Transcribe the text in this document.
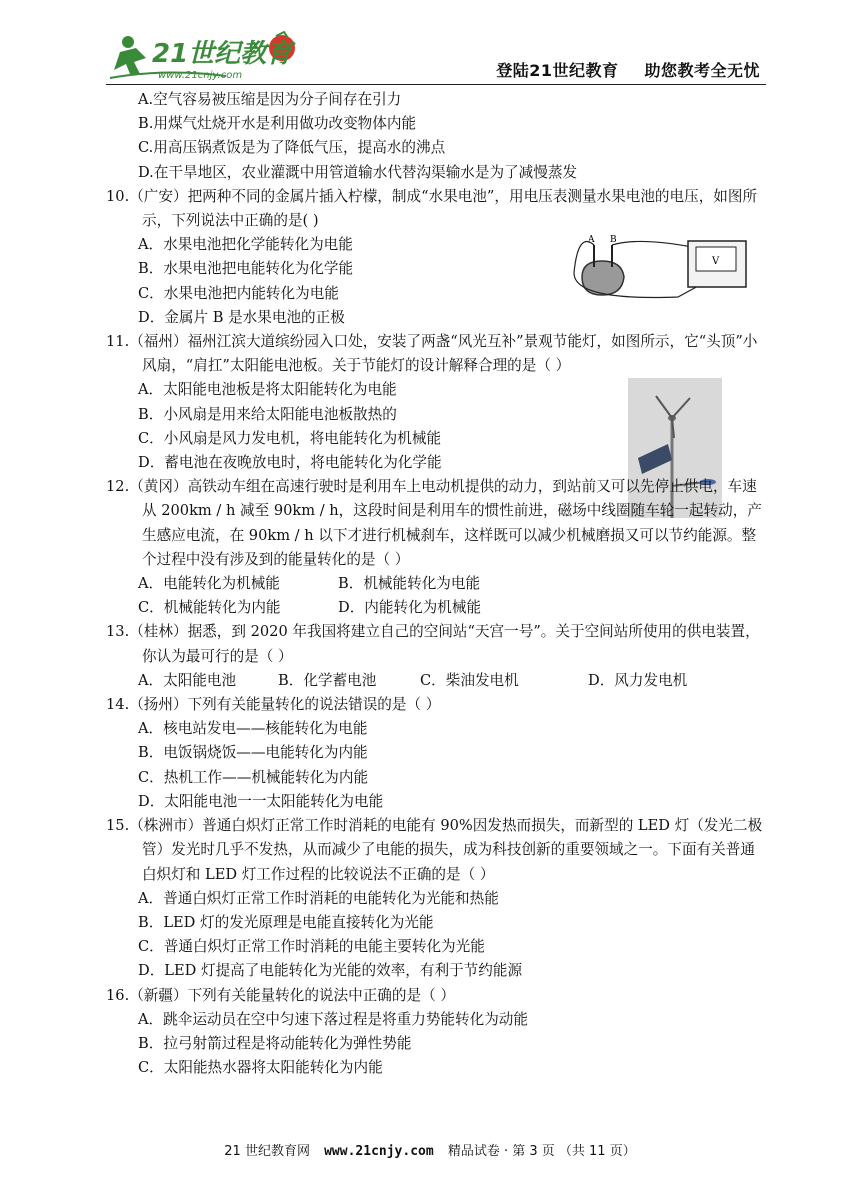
21世纪教育
www.21cnjy.com	登陆21世纪教育 助您教考全无忧

A.空气容易被压缩是因为分子间存在引力

B.用煤气灶烧开水是利用做功改变物体内能

C.用高压锅煮饭是为了降低气压，提高水的沸点

D.在干旱地区，农业灌溉中用管道输水代替沟渠输水是为了减慢蒸发

10.（广安）把两种不同的金属片插入柠檬，制成“水果电池”，用电压表测量水果电池的电压，如图所示，下列说法中正确的是( )

A．水果电池把化学能转化为电能

B．水果电池把电能转化为化学能

C．水果电池把内能转化为电能

D．金属片 B 是水果电池的正极

A B
V

11.（福州）福州江滨大道缤纷园入口处，安装了两盏“风光互补”景观节能灯，如图所示，它“头顶”小风扇，“肩扛”太阳能电池板。关于节能灯的设计解释合理的是（ ）

A．太阳能电池板是将太阳能转化为电能

B．小风扇是用来给太阳能电池板散热的

C．小风扇是风力发电机，将电能转化为机械能

D．蓄电池在夜晚放电时，将电能转化为化学能

12.（黄冈）高铁动车组在高速行驶时是利用车上电动机提供的动力，到站前又可以先停止供电，车速从 200km / h 减至 90km / h，这段时间是利用车的惯性前进，磁场中线圈随车轮一起转动，产生感应电流，在 90km / h 以下才进行机械刹车，这样既可以减少机械磨损又可以节约能源。整个过程中没有涉及到的能量转化的是（ ）

A．电能转化为机械能	B．机械能转化为电能

C．机械能转化为内能	D．内能转化为机械能

13.（桂林）据悉，到 2020 年我国将建立自己的空间站“天宫一号”。关于空间站所使用的供电装置，你认为最可行的是（ ）

A．太阳能电池	B．化学蓄电池	C．柴油发电机	D．风力发电机

14.（扬州）下列有关能量转化的说法错误的是（ ）

A．核电站发电——核能转化为电能

B．电饭锅烧饭——电能转化为内能

C．热机工作——机械能转化为内能

D．太阳能电池一一太阳能转化为电能

15.（株洲市）普通白炽灯正常工作时消耗的电能有 90%因发热而损失，而新型的 LED 灯（发光二极管）发光时几乎不发热，从而减少了电能的损失，成为科技创新的重要领域之一。下面有关普通白炽灯和 LED 灯工作过程的比较说法不正确的是（ ）

A．普通白炽灯正常工作时消耗的电能转化为光能和热能

B．LED 灯的发光原理是电能直接转化为光能

C．普通白炽灯正常工作时消耗的电能主要转化为光能

D．LED 灯提高了电能转化为光能的效率，有利于节约能源

16.（新疆）下列有关能量转化的说法中正确的是（ ）

A．跳伞运动员在空中匀速下落过程是将重力势能转化为动能

B．拉弓射箭过程是将动能转化为弹性势能

C．太阳能热水器将太阳能转化为内能

21 世纪教育网 www.21cnjy.com 精品试卷 · 第 3 页 （共 11 页）
